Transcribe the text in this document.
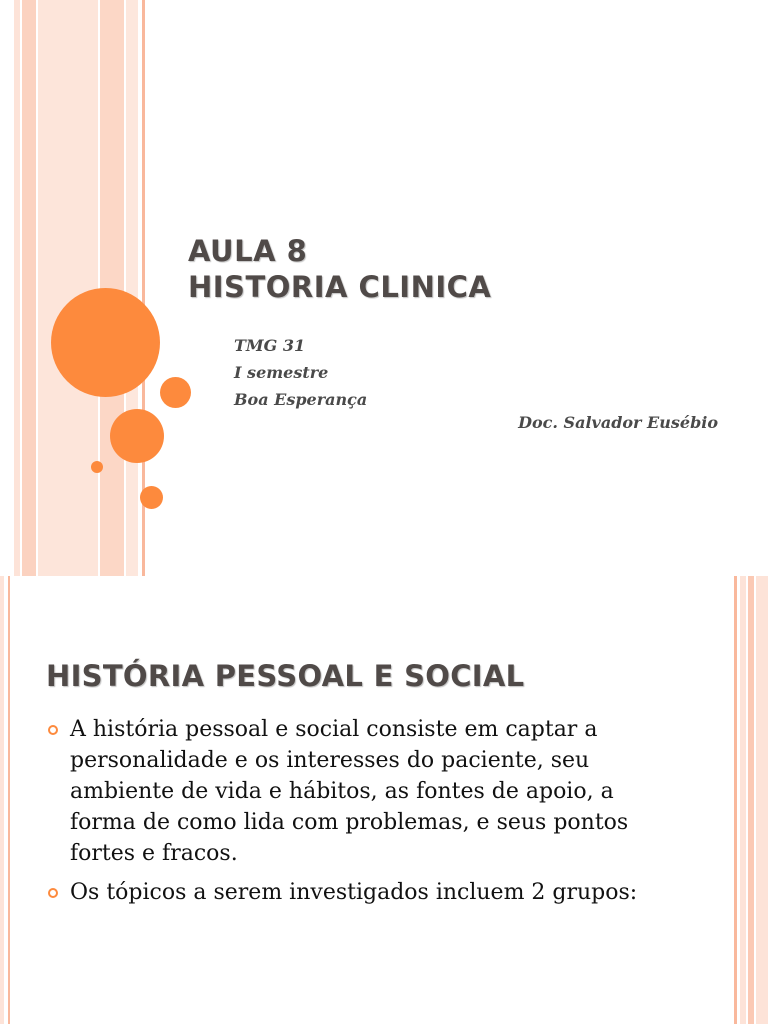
AULA 8
HISTORIA CLINICA
TMG 31
I semestre
Boa Esperança
Doc. Salvador Eusébio
HISTÓRIA PESSOAL E SOCIAL
A história pessoal e social consiste em captar a personalidade e os interesses do paciente, seu ambiente de vida e hábitos, as fontes de apoio, a forma de como lida com problemas, e seus pontos fortes e fracos.
Os tópicos a serem investigados incluem 2 grupos:
